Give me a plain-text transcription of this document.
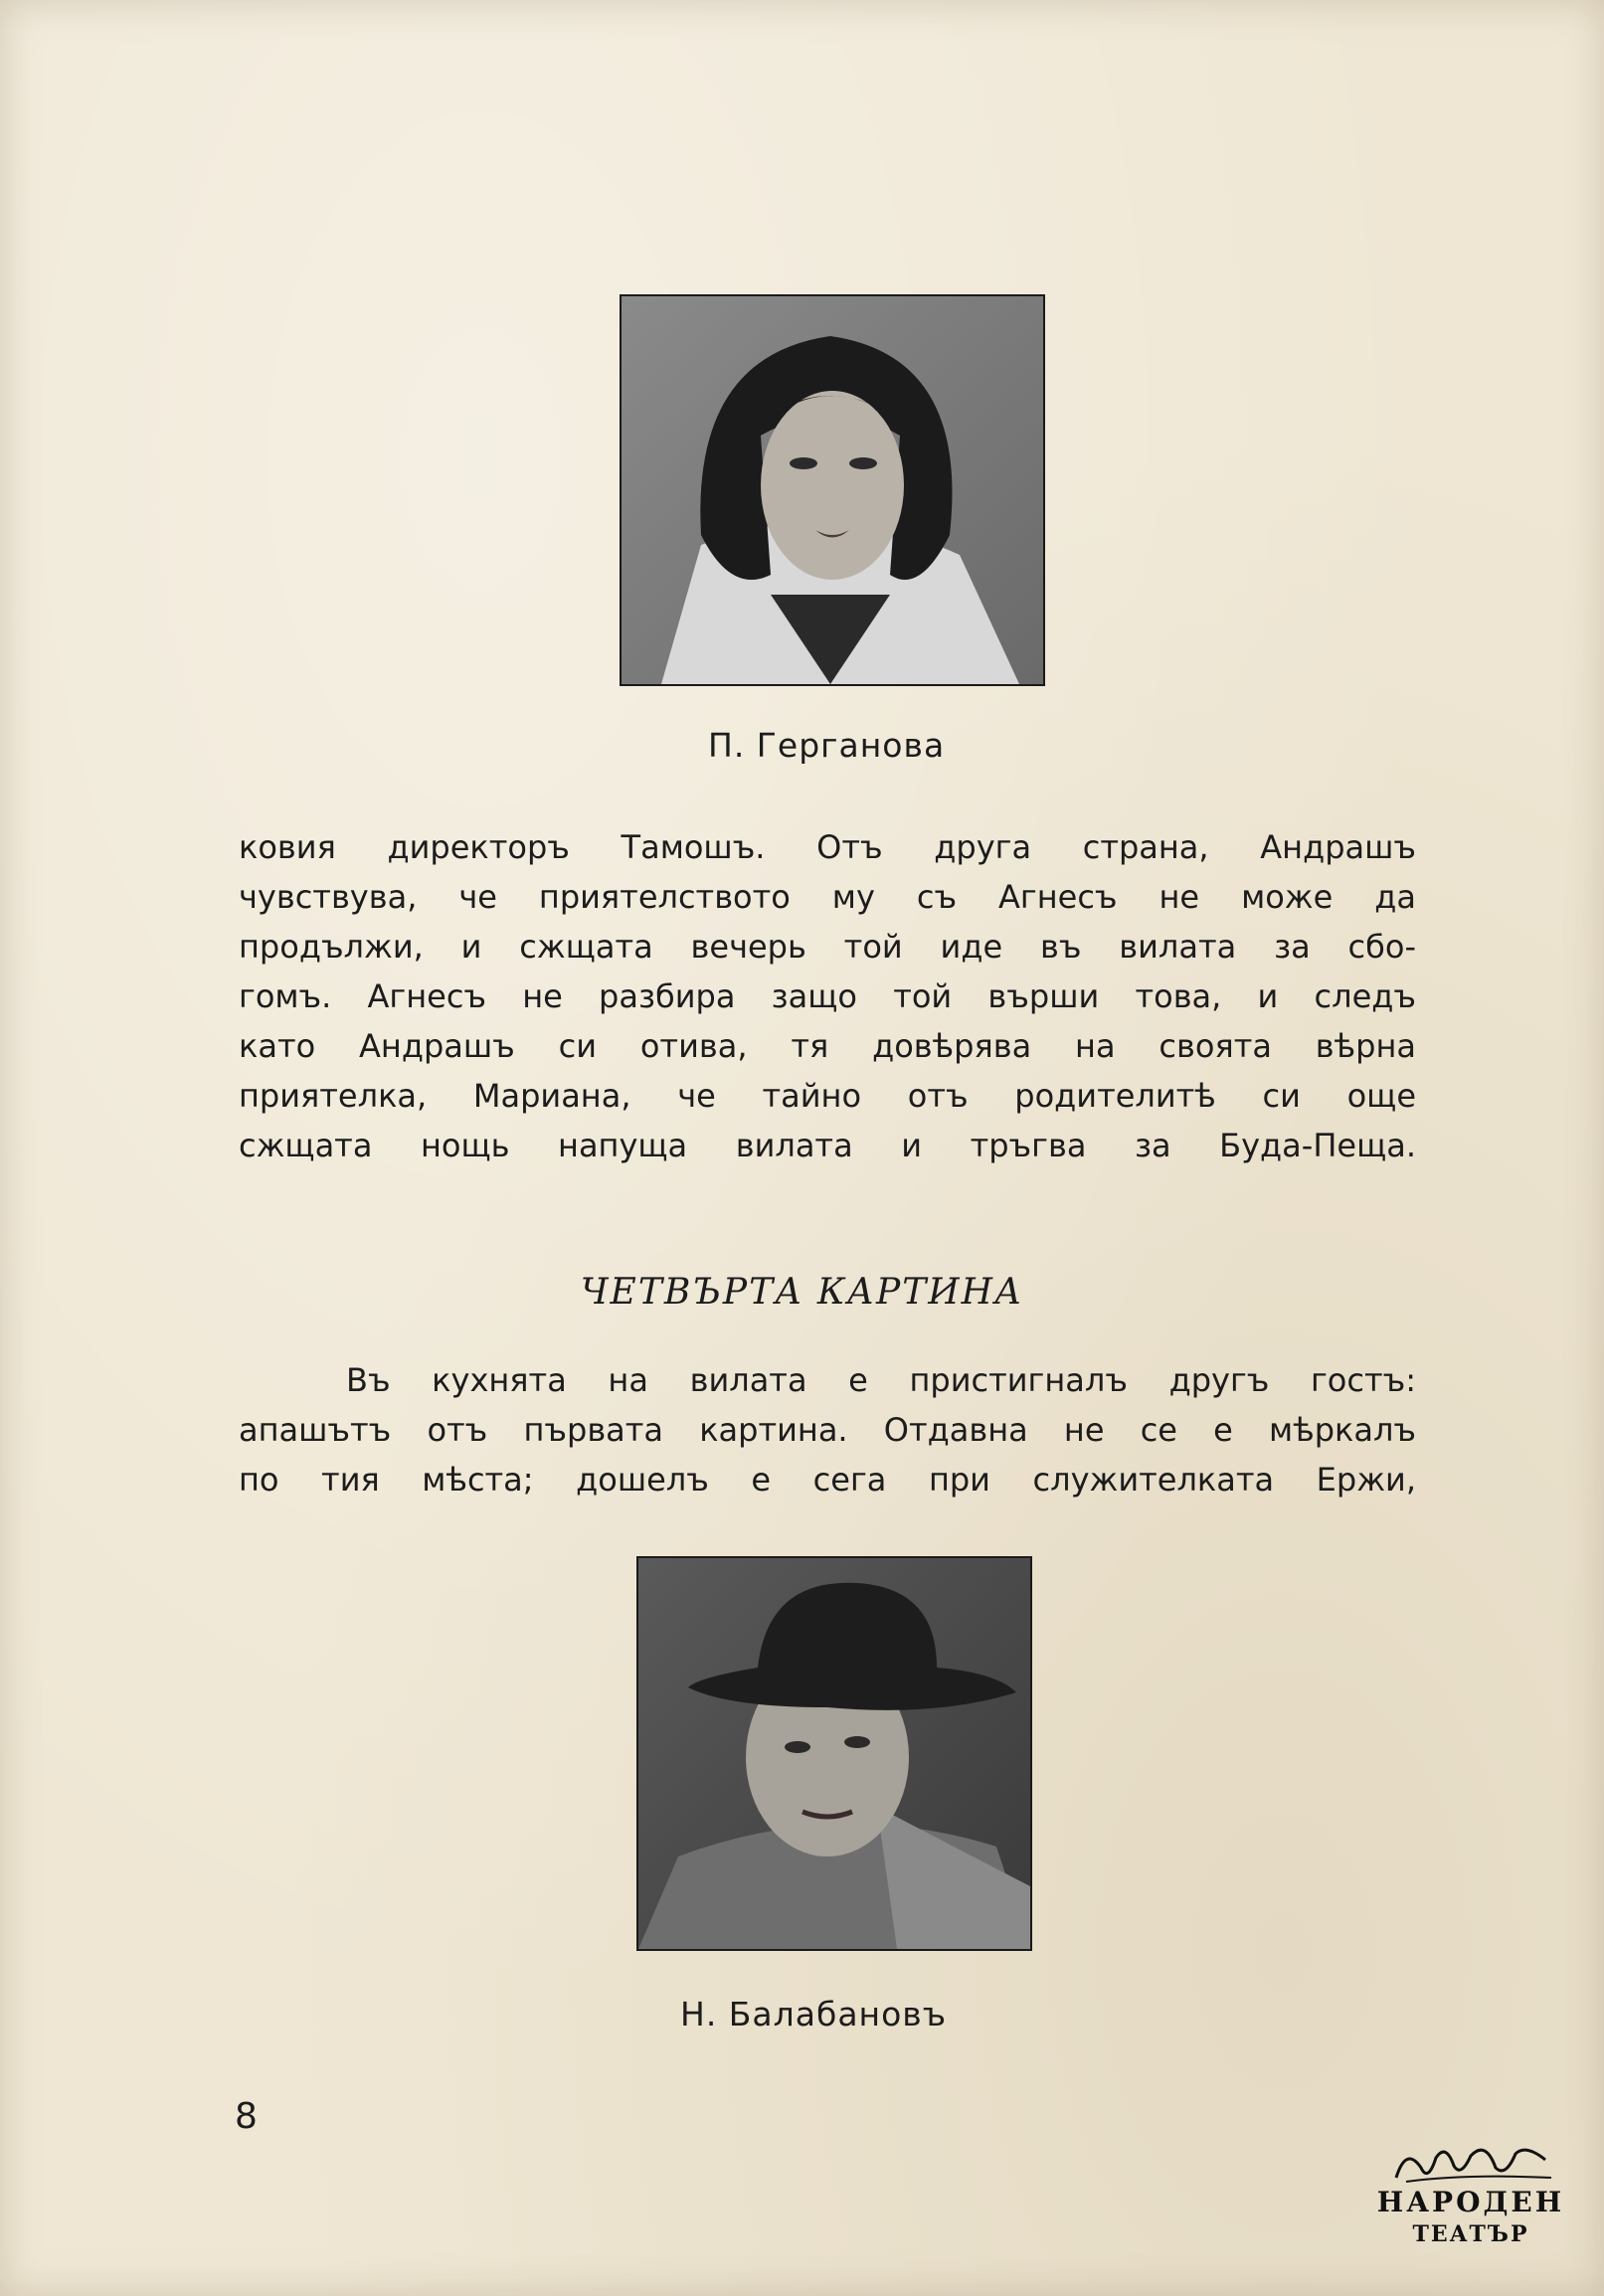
П. Герганова
ковия директоръ Тамошъ. Отъ друга страна, Андрашъ
чувствува, че приятелството му съ Агнесъ не може да
продължи, и сжщата вечерь той иде въ вилата за сбо-
гомъ. Агнесъ не разбира защо той върши това, и следъ
като Андрашъ си отива, тя довѣрява на своята вѣрна
приятелка, Мариана, че тайно отъ родителитѣ си още
сжщата нощь напуща вилата и тръгва за Буда-Пеща.
ЧЕТВЪРТА КАРТИНА
Въ кухнята на вилата е пристигналъ другъ гостъ:
апашътъ отъ първата картина. Отдавна не се е мѣркалъ
по тия мѣста; дошелъ е сега при служителката Ержи,
Н. Балабановъ
8
НАРОДЕН
ТЕАТЪР
